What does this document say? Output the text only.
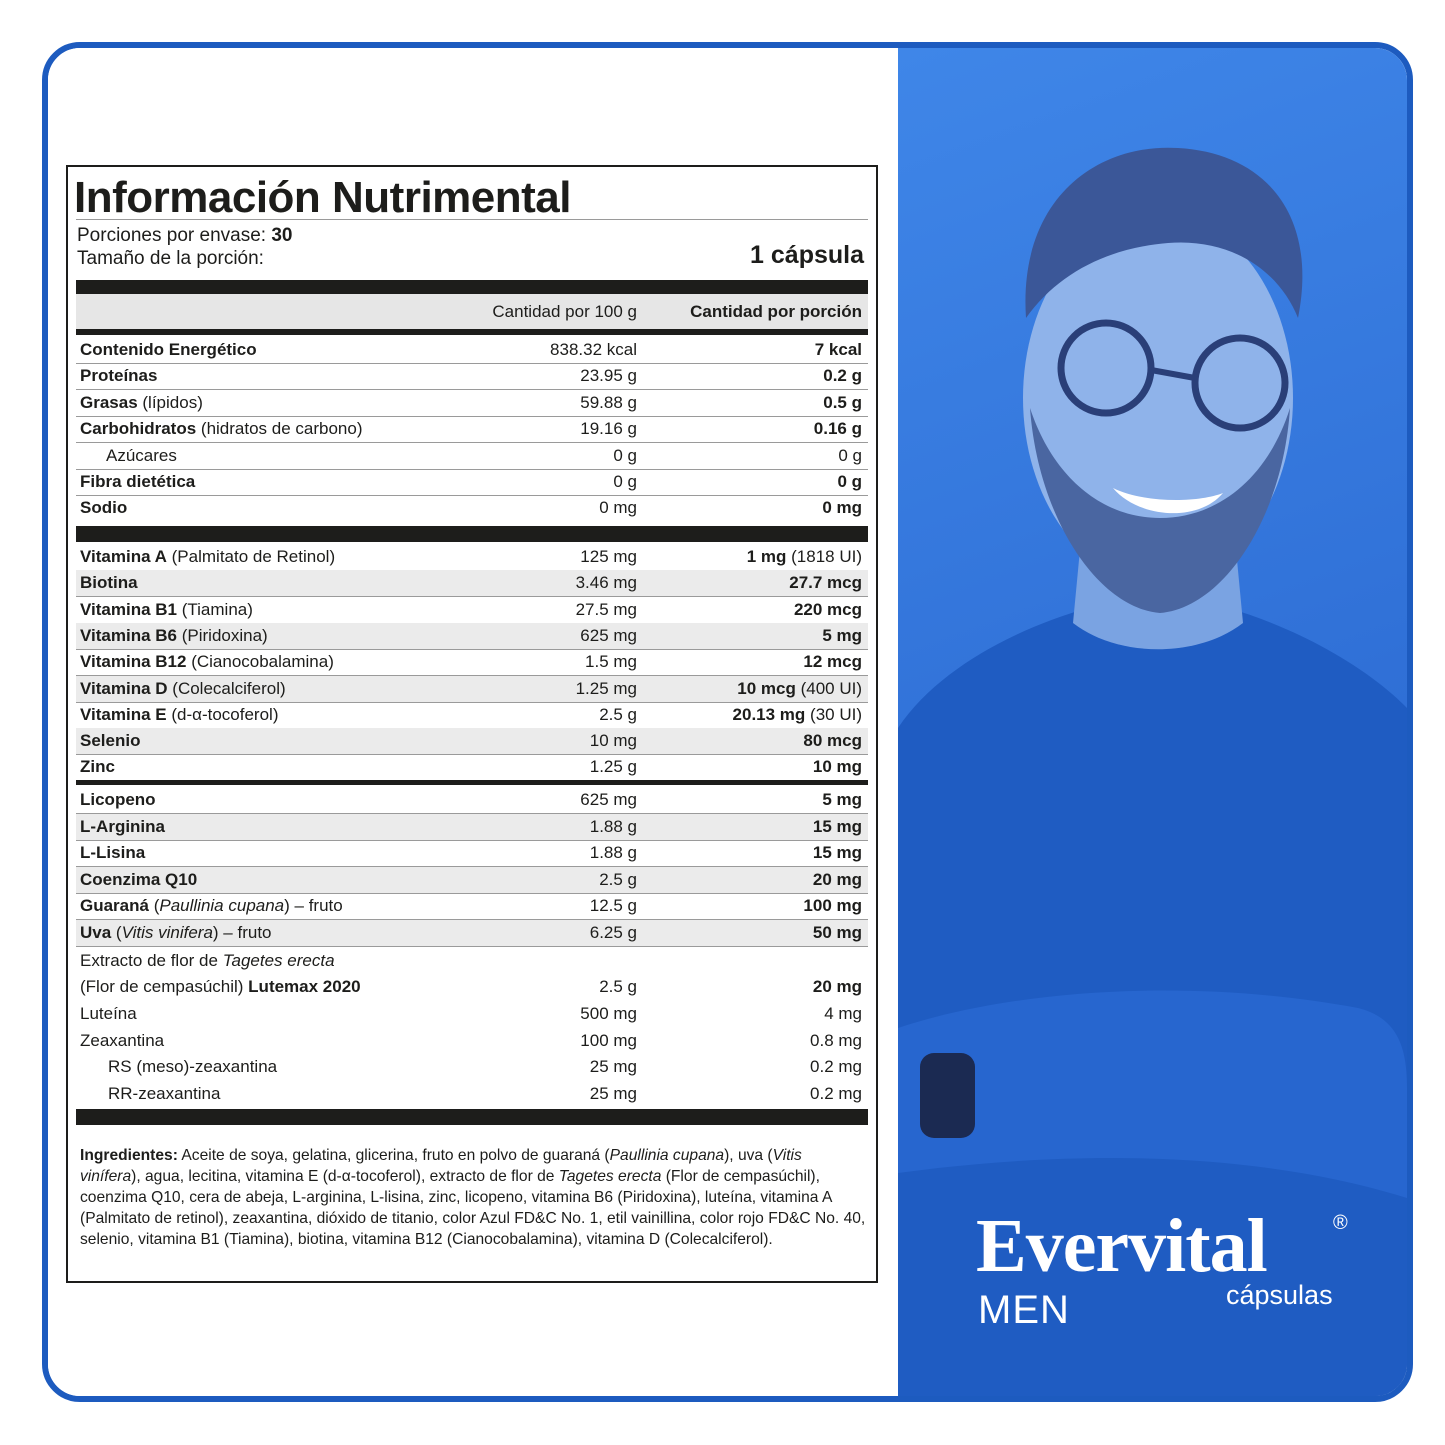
Información Nutrimental
Porciones por envase: 30
Tamaño de la porción:	1 cápsula
Cantidad por 100 g	Cantidad por porción
Contenido Energético	838.32 kcal	7 kcal
Proteínas	23.95 g	0.2 g
Grasas (lípidos)	59.88 g	0.5 g
Carbohidratos (hidratos de carbono)	19.16 g	0.16 g
Azúcares	0 g	0 g
Fibra dietética	0 g	0 g
Sodio	0 mg	0 mg
Vitamina A (Palmitato de Retinol)	125 mg	1 mg (1818 UI)
Biotina	3.46 mg	27.7 mcg
Vitamina B1 (Tiamina)	27.5 mg	220 mcg
Vitamina B6 (Piridoxina)	625 mg	5 mg
Vitamina B12 (Cianocobalamina)	1.5 mg	12 mcg
Vitamina D (Colecalciferol)	1.25 mg	10 mcg (400 UI)
Vitamina E (d-α-tocoferol)	2.5 g	20.13 mg (30 UI)
Selenio	10 mg	80 mcg
Zinc	1.25 g	10 mg
Licopeno	625 mg	5 mg
L-Arginina	1.88 g	15 mg
L-Lisina	1.88 g	15 mg
Coenzima Q10	2.5 g	20 mg
Guaraná (Paullinia cupana) – fruto	12.5 g	100 mg
Uva (Vitis vinifera) – fruto	6.25 g	50 mg
Extracto de flor de Tagetes erecta
(Flor de cempasúchil) Lutemax 2020	2.5 g	20 mg
Luteína	500 mg	4 mg
Zeaxantina	100 mg	0.8 mg
RS (meso)-zeaxantina	25 mg	0.2 mg
RR-zeaxantina	25 mg	0.2 mg
Ingredientes: Aceite de soya, gelatina, glicerina, fruto en polvo de guaraná (Paullinia cupana), uva (Vitis vinífera), agua, lecitina, vitamina E (d-α-tocoferol), extracto de flor de Tagetes erecta (Flor de cempasúchil), coenzima Q10, cera de abeja, L-arginina, L-lisina, zinc, licopeno, vitamina B6 (Piridoxina), luteína, vitamina A (Palmitato de retinol), zeaxantina, dióxido de titanio, color Azul FD&C No. 1, etil vainillina, color rojo FD&C No. 40, selenio, vitamina B1 (Tiamina), biotina, vitamina B12 (Cianocobalamina), vitamina D (Colecalciferol).	Evervital	®
cápsulas
MEN
